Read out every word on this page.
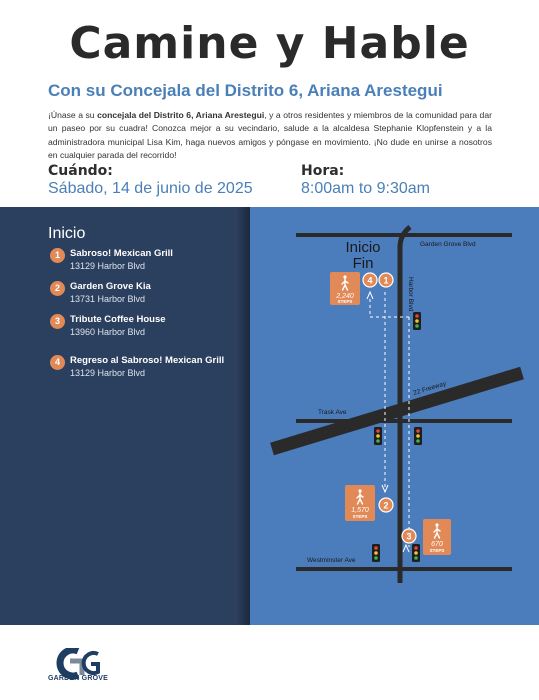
Camine y Hable
Con su Concejala del Distrito 6, Ariana Arestegui

¡Únase a su concejala del Distrito 6, Ariana Arestegui, y a otros residentes y miembros de la comunidad para dar un paseo por su cuadra! Conozca mejor a su vecindario, salude a la alcaldesa Stephanie Klopfenstein y a la administradora municipal Lisa Kim, haga nuevos amigos y póngase en movimiento. ¡No dude en unirse a nosotros en cualquier parada del recorrido!

Cuándo:
Sábado, 14 de junio de 2025
Hora:
8:00am to 9:30am
Inicio
1	Sabroso! Mexican Grill
13129 Harbor Blvd
2	Garden Grove Kia
13731 Harbor Blvd
3	Tribute Coffee House
13960 Harbor Blvd
4	Regreso al Sabroso! Mexican Grill
13129 Harbor Blvd
Garden Grove Blvd
Harbor Blvd
22 Freeway
Trask Ave
Westminster Ave
Inicio
Fin
4 1
2
3
2,240
STEPS
1,570
STEPS
670
STEPS
GARDEN GROVE
